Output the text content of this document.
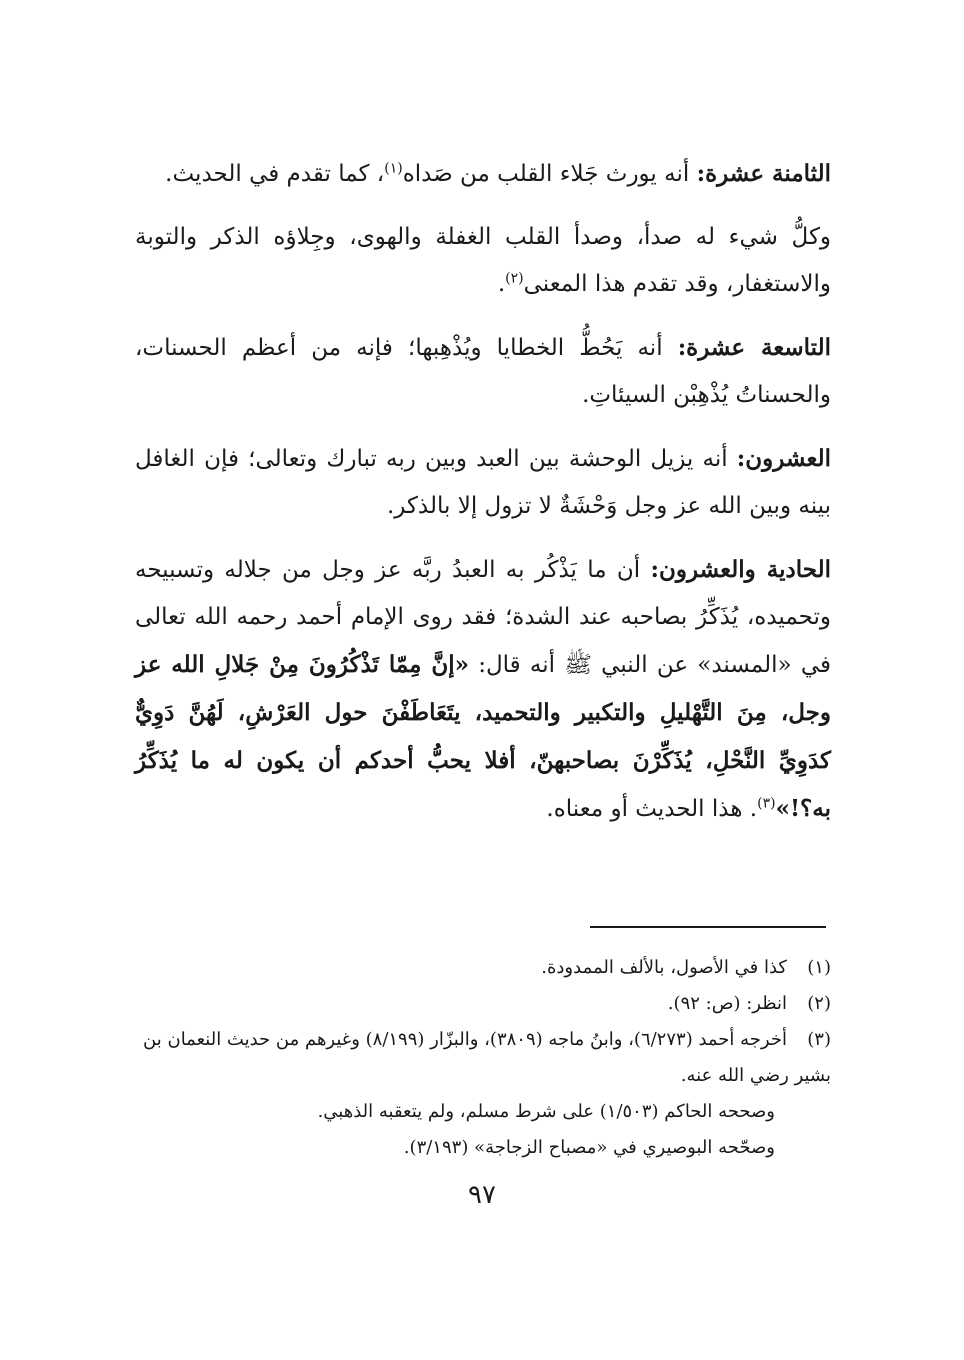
الثامنة عشرة: أنه يورث جَلاء القلب من صَداه$^{(١)}$، كما تقدم في الحديث.

وكلُّ شيء له صدأ، وصدأ القلب الغفلة والهوى، وجِلاؤه الذكر والتوبة والاستغفار، وقد تقدم هذا المعنى$^{(٢)}$.

التاسعة عشرة: أنه يَحُطُّ الخطايا ويُذْهِبها؛ فإنه من أعظم الحسنات، والحسناتُ يُذْهِبْن السيئاتِ.

العشرون: أنه يزيل الوحشة بين العبد وبين ربه تبارك وتعالى؛ فإن الغافل بينه وبين الله عز وجل وَحْشَةٌ لا تزول إلا بالذكر.

الحادية والعشرون: أن ما يَذْكُر به العبدُ ربَّه عز وجل من جلاله وتسبيحه وتحميده، يُذَكِّرُ بصاحبه عند الشدة؛ فقد روى الإمام أحمد رحمه الله تعالى في «المسند» عن النبي ﷺ أنه قال: «إنَّ مِمّا تَذْكُرُونَ مِنْ جَلالِ الله عز وجل، مِنَ التَّهْليلِ والتكبير والتحميد، يتَعَاطَفْنَ حول العَرْشِ، لَهُنَّ دَوِيٌّ كدَوِيِّ النَّحْلِ، يُذَكِّرْنَ بصاحبهنّ، أفلا يحبُّ أحدكم أن يكون له ما يُذَكِّرُ به؟!»$^{(٣)}$. هذا الحديث أو معناه.

(١)كذا في الأصول، بالألف الممدودة.

(٢)انظر: (ص: ٩٢).

(٣)أخرجه أحمد (٦/٢٧٣)، وابنُ ماجه (٣٨٠٩)، والبزّار (٨/١٩٩) وغيرهم من حديث النعمان بن بشير رضي الله عنه.

وصححه الحاكم (١/٥٠٣) على شرط مسلم، ولم يتعقبه الذهبي.

وصحّحه البوصيري في «مصباح الزجاجة» (٣/١٩٣).

٩٧
